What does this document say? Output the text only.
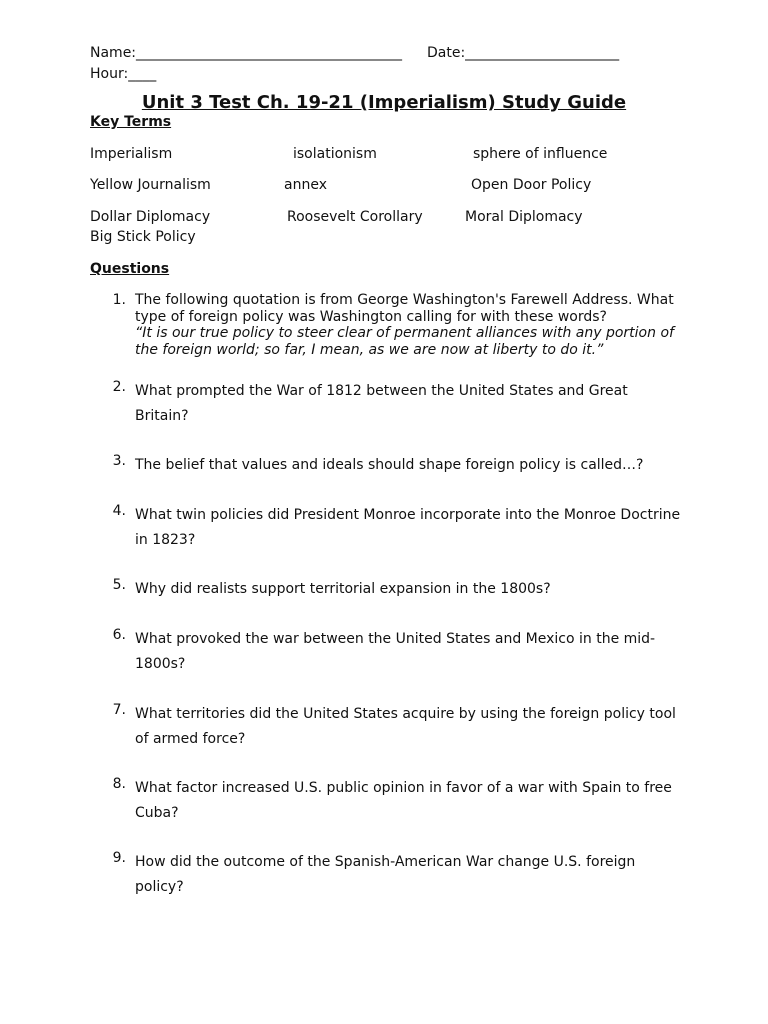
Name:______________________________________ Date:______________________
Hour:____
Unit 3 Test Ch. 19-21 (Imperialism) Study Guide
Key Terms
Imperialism	isolationism	sphere of influence
Yellow Journalism	annex	Open Door Policy
Dollar Diplomacy	Roosevelt Corollary	Moral Diplomacy
Big Stick Policy
Questions
1. The following quotation is from George Washington's Farewell Address. What type of foreign policy was Washington calling for with these words?
“It is our true policy to steer clear of permanent alliances with any portion of the foreign world; so far, I mean, as we are now at liberty to do it.”
2. What prompted the War of 1812 between the United States and Great Britain?
3. The belief that values and ideals should shape foreign policy is called…?
4. What twin policies did President Monroe incorporate into the Monroe Doctrine in 1823?
5. Why did realists support territorial expansion in the 1800s?
6. What provoked the war between the United States and Mexico in the mid-1800s?
7. What territories did the United States acquire by using the foreign policy tool of armed force?
8. What factor increased U.S. public opinion in favor of a war with Spain to free Cuba?
9. How did the outcome of the Spanish-American War change U.S. foreign policy?
